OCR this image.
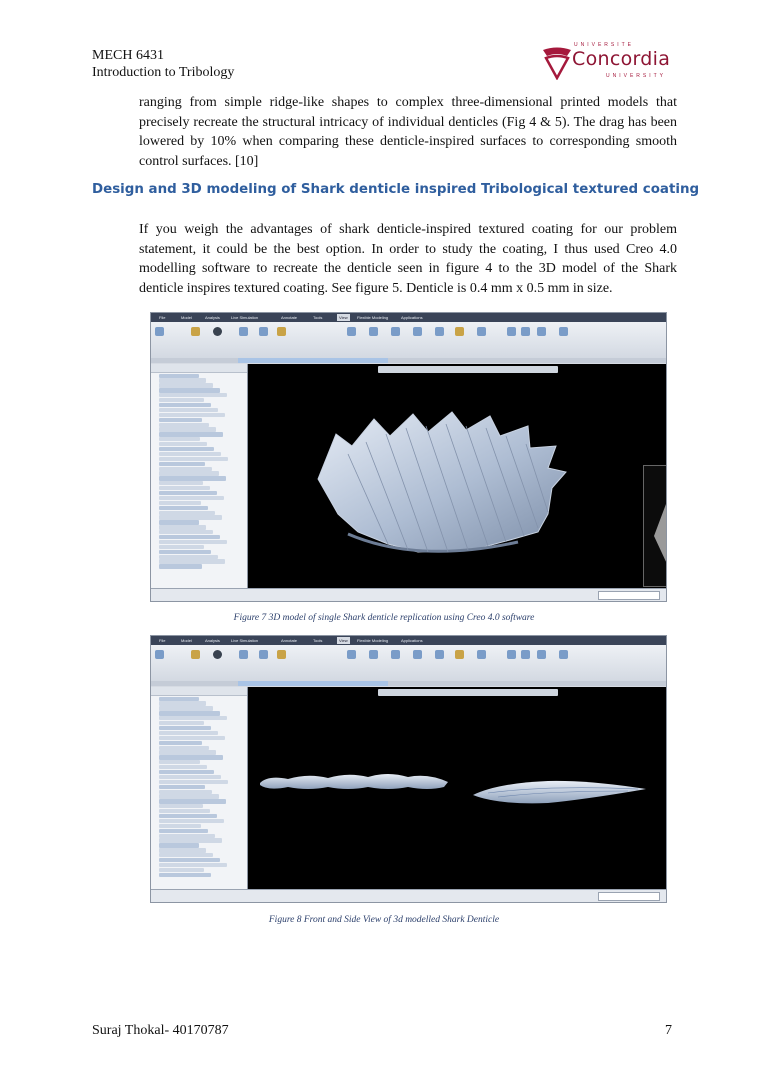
MECH 6431
Introduction to Tribology
UNIVERSITE
Concordia
UNIVERSITY

ranging from simple ridge-like shapes to complex three-dimensional printed models that precisely recreate the structural intricacy of individual denticles (Fig 4 & 5). The drag has been lowered by 10% when comparing these denticle-inspired surfaces to corresponding smooth control surfaces. [10]

Design and 3D modeling of Shark denticle inspired Tribological textured coating

If you weigh the advantages of shark denticle-inspired textured coating for our problem statement, it could be the best option. In order to study the coating, I thus used Creo 4.0 modelling software to recreate the denticle seen in figure 4 to the 3D model of the Shark denticle inspires textured coating. See figure 5. Denticle is 0.4 mm x 0.5 mm in size.

File	Model	Analysis	Live Simulation	Annotate	Tools	View	Flexible Modeling	Applications
Figure 7 3D model of single Shark denticle replication using Creo 4.0 software
File	Model	Analysis	Live Simulation	Annotate	Tools	View	Flexible Modeling	Applications
Figure 8 Front and Side View of 3d modelled Shark Denticle
Suraj Thokal- 40170787	7
